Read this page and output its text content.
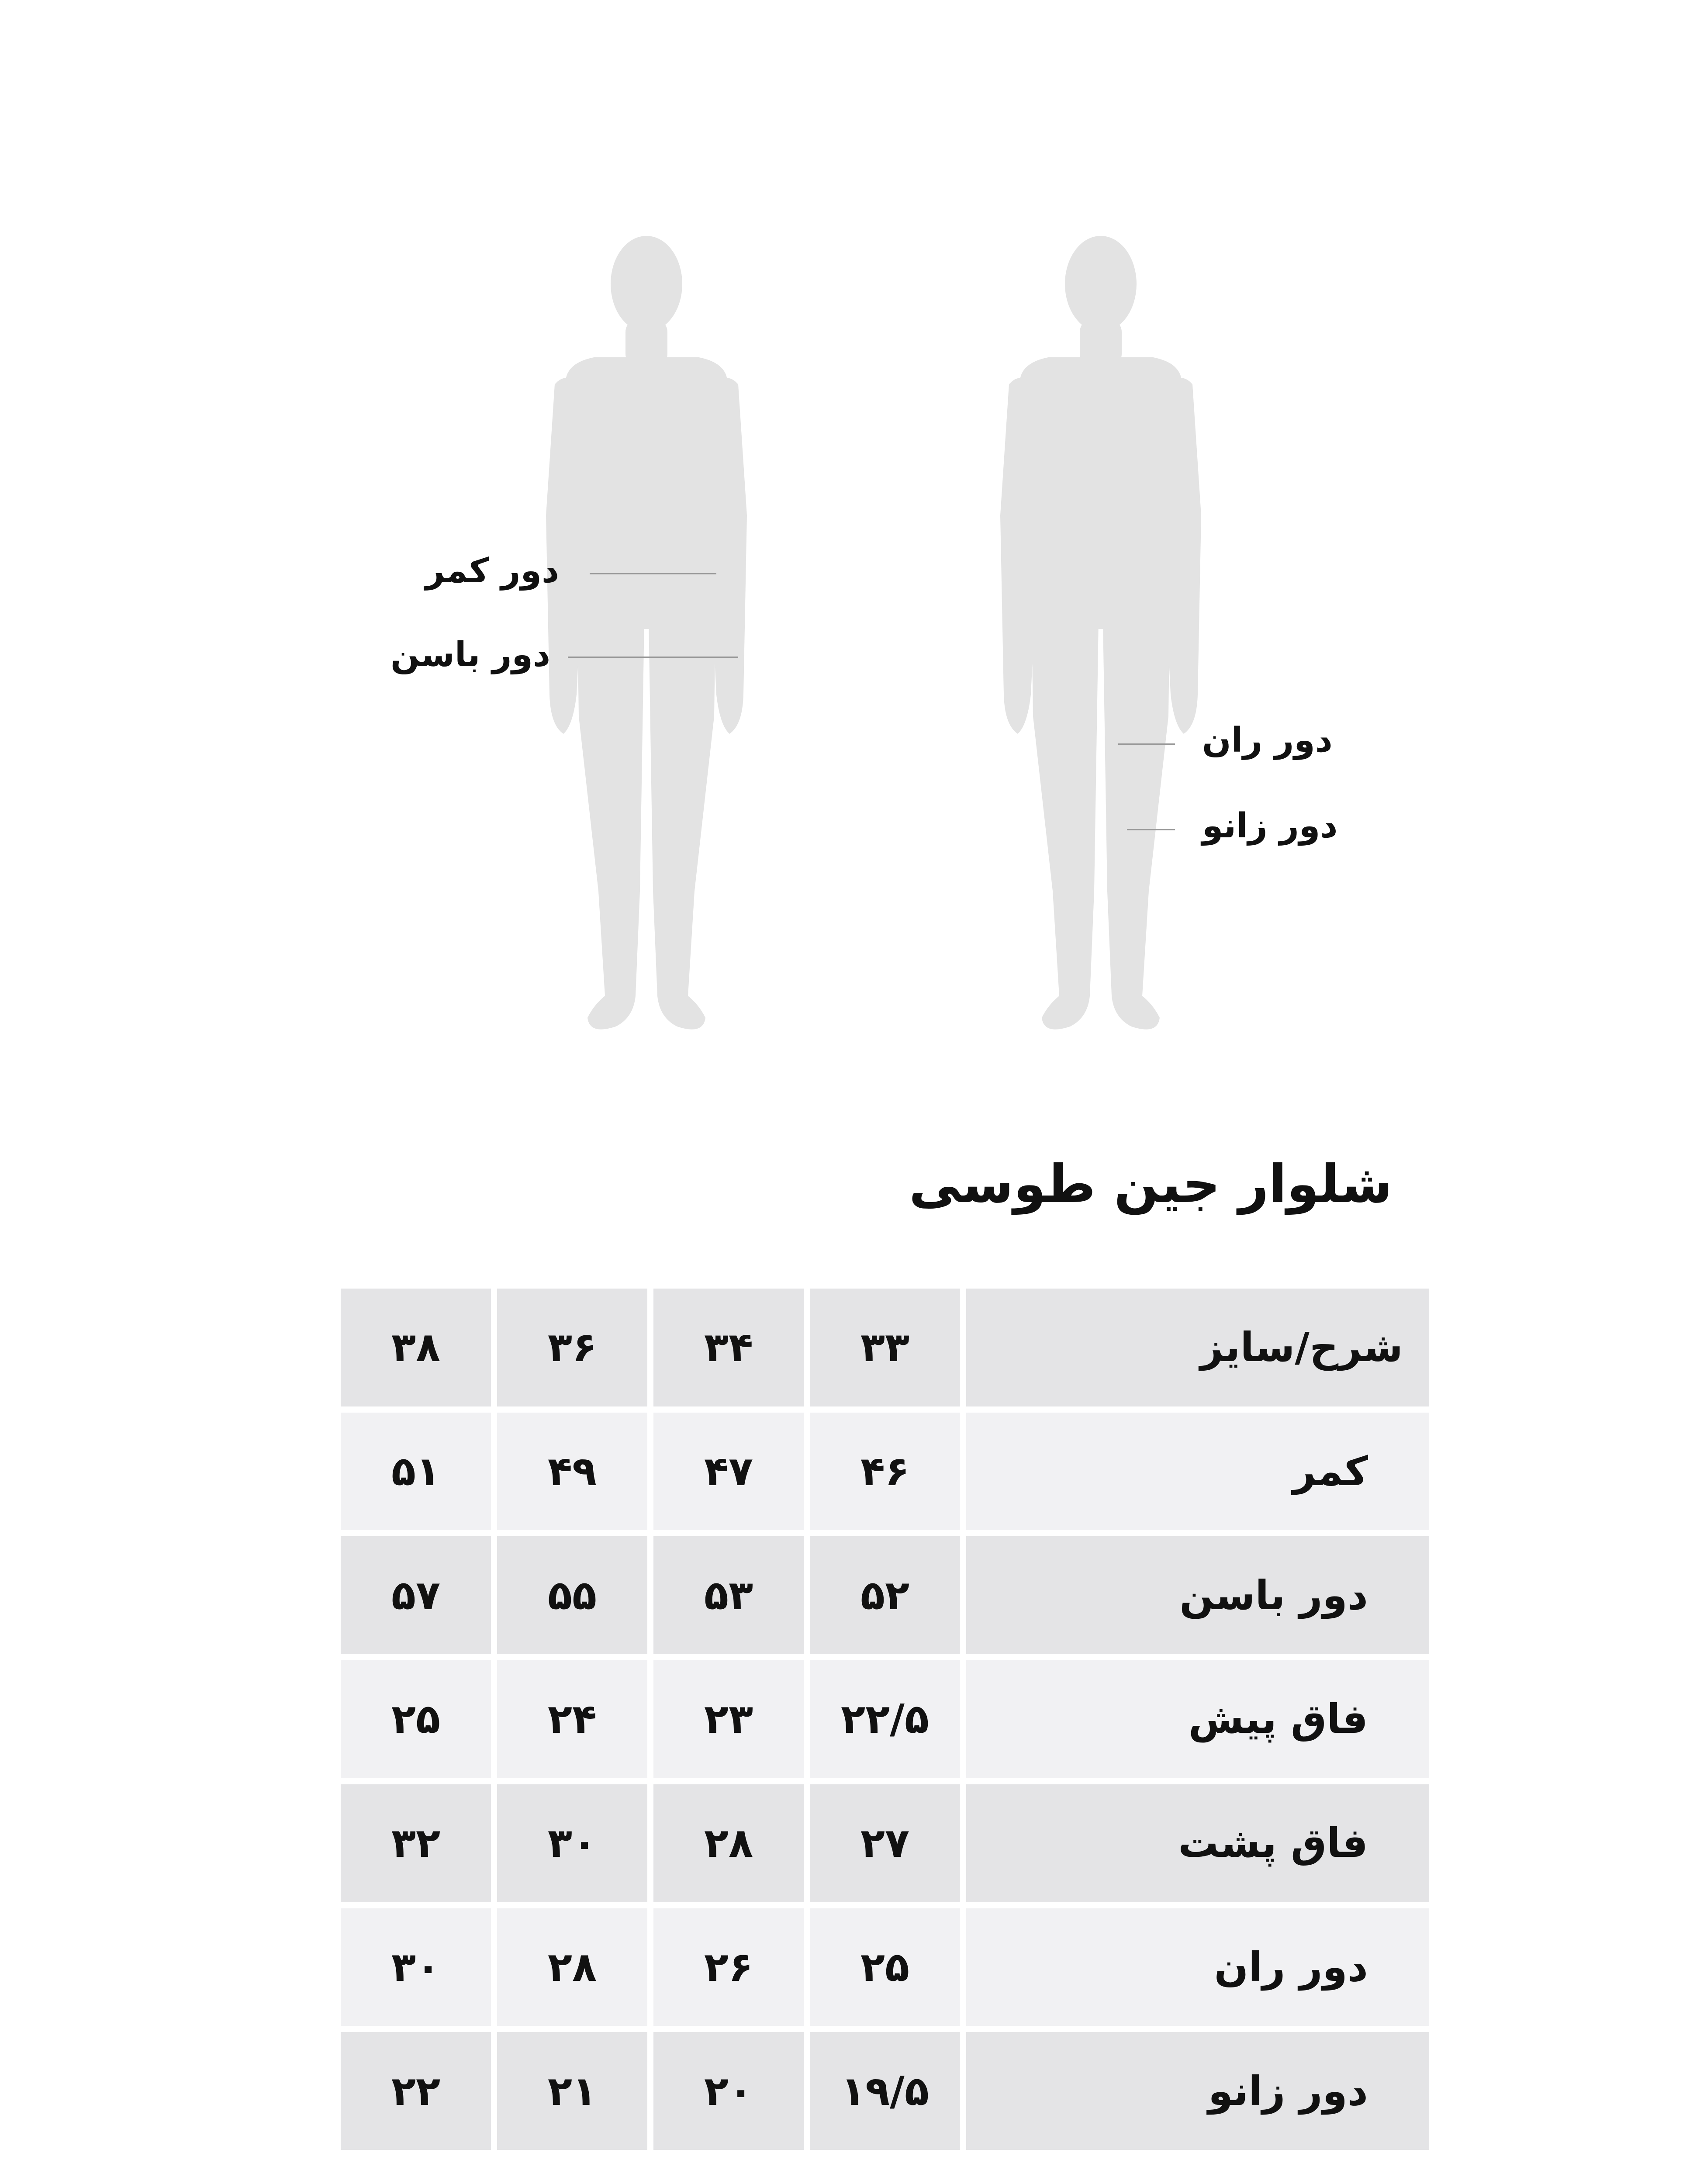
دور کمر
دور باسن
دور ران
دور زانو
شلوار جین طوسی
شرح/سایز	۳۳	۳۴	۳۶	۳۸
کمر	۴۶	۴۷	۴۹	۵۱
دور باسن	۵۲	۵۳	۵۵	۵۷
فاق پیش	۲۲/۵	۲۳	۲۴	۲۵
فاق پشت	۲۷	۲۸	۳۰	۳۲
دور ران	۲۵	۲۶	۲۸	۳۰
دور زانو	۱۹/۵	۲۰	۲۱	۲۲
